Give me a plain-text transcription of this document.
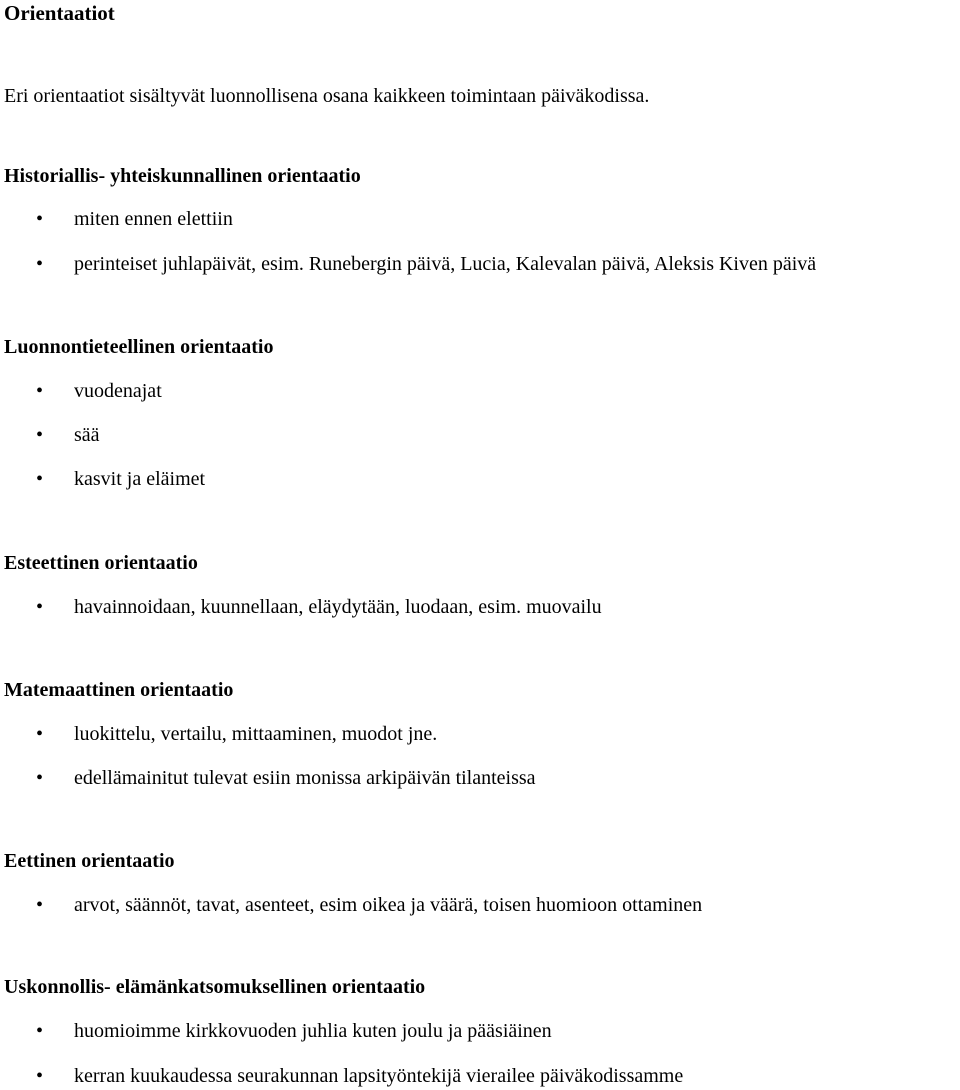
Orientaatiot

Eri orientaatiot sisältyvät luonnollisena osana kaikkeen toimintaan päiväkodissa.

Historiallis- yhteiskunnallinen orientaatio
• miten ennen elettiin
• perinteiset juhlapäivät, esim. Runebergin päivä, Lucia, Kalevalan päivä, Aleksis Kiven päivä
Luonnontieteellinen orientaatio
• vuodenajat
• sää
• kasvit ja eläimet
Esteettinen orientaatio
• havainnoidaan, kuunnellaan, eläydytään, luodaan, esim. muovailu
Matemaattinen orientaatio
• luokittelu, vertailu, mittaaminen, muodot jne.
• edellämainitut tulevat esiin monissa arkipäivän tilanteissa
Eettinen orientaatio
• arvot, säännöt, tavat, asenteet, esim oikea ja väärä, toisen huomioon ottaminen
Uskonnollis- elämänkatsomuksellinen orientaatio
• huomioimme kirkkovuoden juhlia kuten joulu ja pääsiäinen
• kerran kuukaudessa seurakunnan lapsityöntekijä vierailee päiväkodissamme
